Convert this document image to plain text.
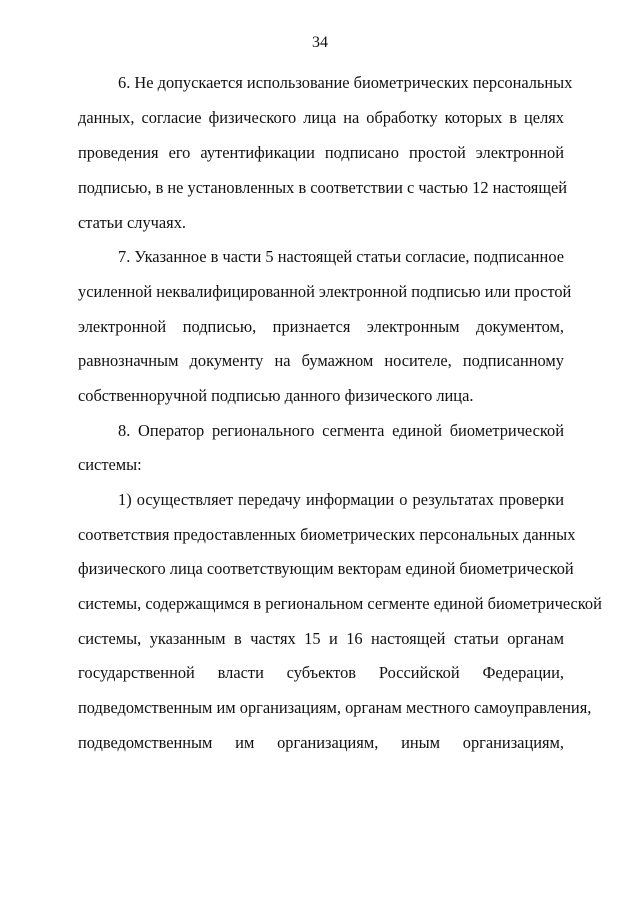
34
6. Не допускается использование биометрических персональных
данных, согласие физического лица на обработку которых в целях
проведения его аутентификации подписано простой электронной
подписью, в не установленных в соответствии с частью 12 настоящей
статьи случаях.
7. Указанное в части 5 настоящей статьи согласие, подписанное
усиленной неквалифицированной электронной подписью или простой
электронной подписью, признается электронным документом,
равнозначным документу на бумажном носителе, подписанному
собственноручной подписью данного физического лица.
8. Оператор регионального сегмента единой биометрической
системы:
1) осуществляет передачу информации о результатах проверки
соответствия предоставленных биометрических персональных данных
физического лица соответствующим векторам единой биометрической
системы, содержащимся в региональном сегменте единой биометрической
системы, указанным в частях 15 и 16 настоящей статьи органам
государственной власти субъектов Российской Федерации,
подведомственным им организациям, органам местного самоуправления,
подведомственным им организациям, иным организациям,
